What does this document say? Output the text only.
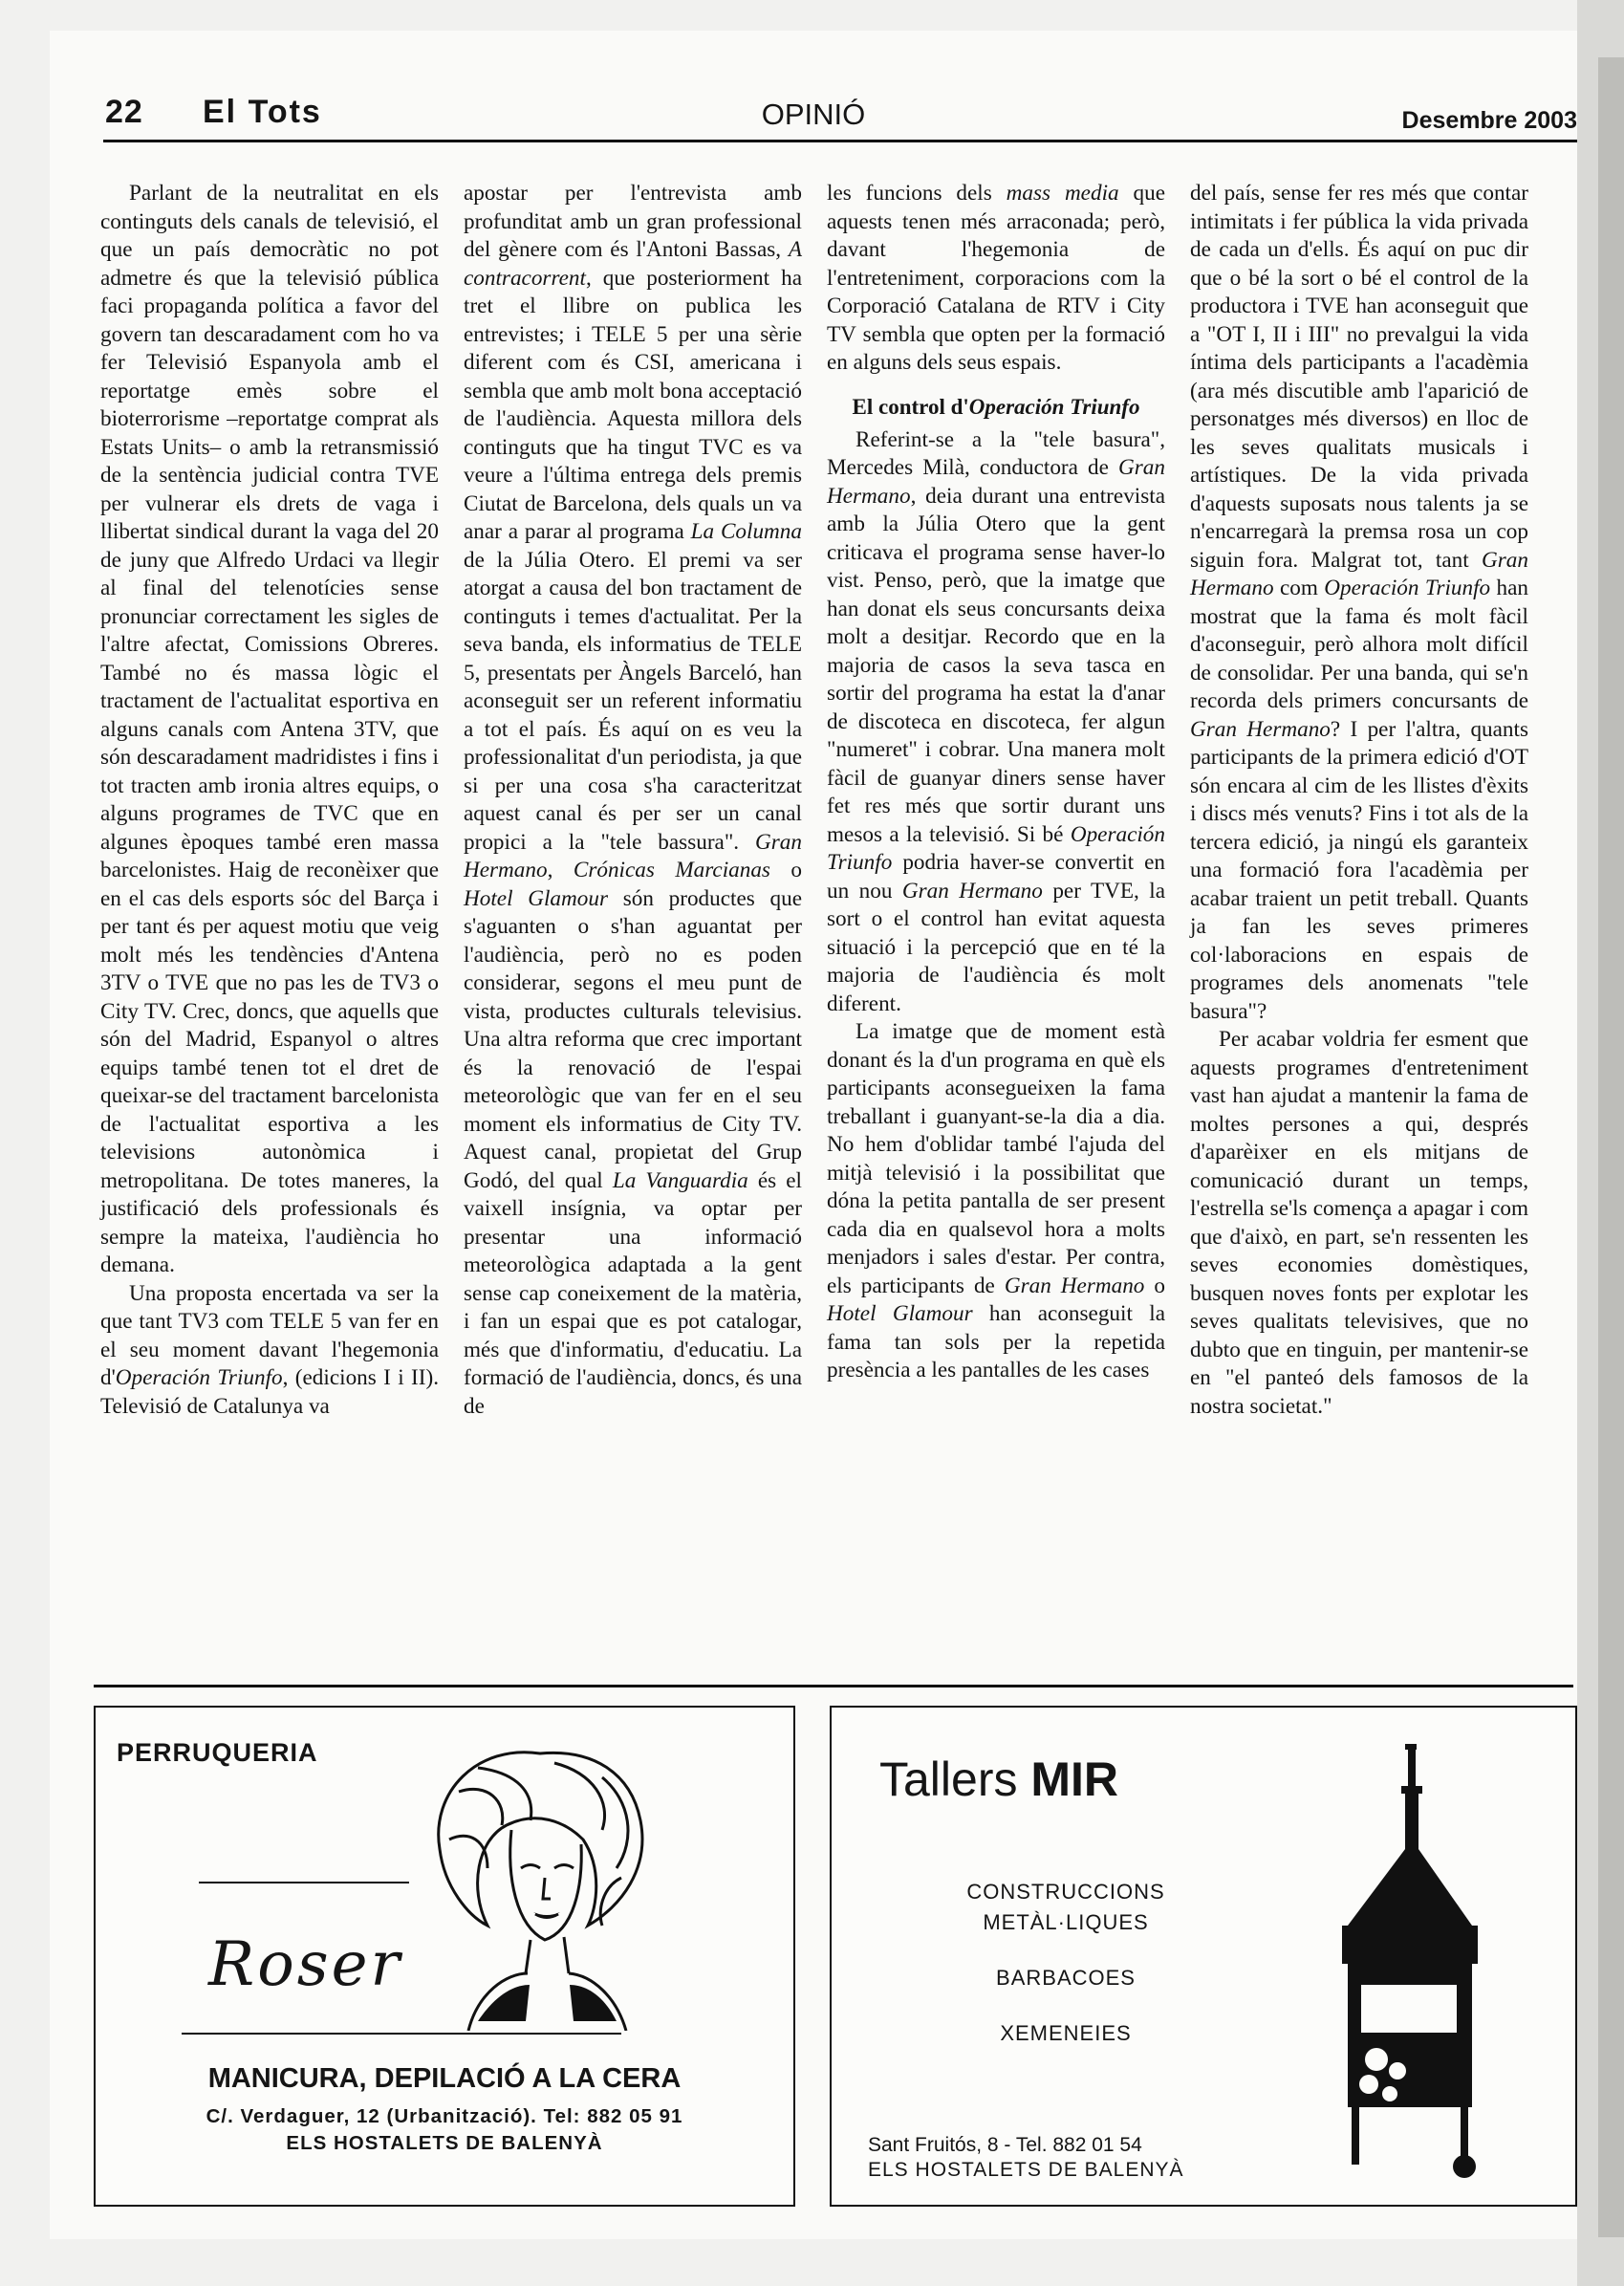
22 El Tots	OPINIÓ	Desembre 2003

Parlant de la neutralitat en els continguts dels canals de televisió, el que un país democràtic no pot admetre és que la televisió pública faci propaganda política a favor del govern tan descaradament com ho va fer Televisió Espanyola amb el reportatge emès sobre el bioterrorisme –reportatge comprat als Estats Units– o amb la retransmissió de la sentència judicial contra TVE per vulnerar els drets de vaga i llibertat sindical durant la vaga del 20 de juny que Alfredo Urdaci va llegir al final del telenotícies sense pronunciar correctament les sigles de l'altre afectat, Comissions Obreres. També no és massa lògic el tractament de l'actualitat esportiva en alguns canals com Antena 3TV, que són descaradament madridistes i fins i tot tracten amb ironia altres equips, o alguns programes de TVC que en algunes èpoques també eren massa barcelonistes. Haig de reconèixer que en el cas dels esports sóc del Barça i per tant és per aquest motiu que veig molt més les tendències d'Antena 3TV o TVE que no pas les de TV3 o City TV. Crec, doncs, que aquells que són del Madrid, Espanyol o altres equips també tenen tot el dret de queixar-se del tractament barcelonista de l'actualitat esportiva a les televisions autonòmica i metropolitana. De totes maneres, la justificació dels professionals és sempre la mateixa, l'audiència ho demana.

Una proposta encertada va ser la que tant TV3 com TELE 5 van fer en el seu moment davant l'hegemonia d'Operación Triunfo, (edicions I i II). Televisió de Catalunya va

apostar per l'entrevista amb profunditat amb un gran professional del gènere com és l'Antoni Bassas, A contracorrent, que posteriorment ha tret el llibre on publica les entrevistes; i TELE 5 per una sèrie diferent com és CSI, americana i sembla que amb molt bona acceptació de l'audiència. Aquesta millora dels continguts que ha tingut TVC es va veure a l'última entrega dels premis Ciutat de Barcelona, dels quals un va anar a parar al programa La Columna de la Júlia Otero. El premi va ser atorgat a causa del bon tractament de continguts i temes d'actualitat. Per la seva banda, els informatius de TELE 5, presentats per Àngels Barceló, han aconseguit ser un referent informatiu a tot el país. És aquí on es veu la professionalitat d'un periodista, ja que si per una cosa s'ha caracteritzat aquest canal és per ser un canal propici a la "tele bassura". Gran Hermano, Crónicas Marcianas o Hotel Glamour són productes que s'aguanten o s'han aguantat per l'audiència, però no es poden considerar, segons el meu punt de vista, productes culturals televisius. Una altra reforma que crec important és la renovació de l'espai meteorològic que van fer en el seu moment els informatius de City TV. Aquest canal, propietat del Grup Godó, del qual La Vanguardia és el vaixell insígnia, va optar per presentar una informació meteorològica adaptada a la gent sense cap coneixement de la matèria, i fan un espai que es pot catalogar, més que d'informatiu, d'educatiu. La formació de l'audiència, doncs, és una de

les funcions dels mass media que aquests tenen més arraconada; però, davant l'hegemonia de l'entreteniment, corporacions com la Corporació Catalana de RTV i City TV sembla que opten per la formació en alguns dels seus espais.

El control d'Operación Triunfo

Referint-se a la "tele basura", Mercedes Milà, conductora de Gran Hermano, deia durant una entrevista amb la Júlia Otero que la gent criticava el programa sense haver-lo vist. Penso, però, que la imatge que han donat els seus concursants deixa molt a desitjar. Recordo que en la majoria de casos la seva tasca en sortir del programa ha estat la d'anar de discoteca en discoteca, fer algun "numeret" i cobrar. Una manera molt fàcil de guanyar diners sense haver fet res més que sortir durant uns mesos a la televisió. Si bé Operación Triunfo podria haver-se convertit en un nou Gran Hermano per TVE, la sort o el control han evitat aquesta situació i la percepció que en té la majoria de l'audiència és molt diferent.

La imatge que de moment està donant és la d'un programa en què els participants aconsegueixen la fama treballant i guanyant-se-la dia a dia. No hem d'oblidar també l'ajuda del mitjà televisió i la possibilitat que dóna la petita pantalla de ser present cada dia en qualsevol hora a molts menjadors i sales d'estar. Per contra, els participants de Gran Hermano o Hotel Glamour han aconseguit la fama tan sols per la repetida presència a les pantalles de les cases

del país, sense fer res més que contar intimitats i fer pública la vida privada de cada un d'ells. És aquí on puc dir que o bé la sort o bé el control de la productora i TVE han aconseguit que a "OT I, II i III" no prevalgui la vida íntima dels participants a l'acadèmia (ara més discutible amb l'aparició de personatges més diversos) en lloc de les seves qualitats musicals i artístiques. De la vida privada d'aquests suposats nous talents ja se n'encarregarà la premsa rosa un cop siguin fora. Malgrat tot, tant Gran Hermano com Operación Triunfo han mostrat que la fama és molt fàcil d'aconseguir, però alhora molt difícil de consolidar. Per una banda, qui se'n recorda dels primers concursants de Gran Hermano? I per l'altra, quants participants de la primera edició d'OT són encara al cim de les llistes d'èxits i discs més venuts? Fins i tot als de la tercera edició, ja ningú els garanteix una formació fora l'acadèmia per acabar traient un petit treball. Quants ja fan les seves primeres col·laboracions en espais de programes dels anomenats "tele basura"?

Per acabar voldria fer esment que aquests programes d'entreteniment vast han ajudat a mantenir la fama de moltes persones a qui, després d'aparèixer en els mitjans de comunicació durant un temps, l'estrella se'ls comença a apagar i com que d'això, en part, se'n ressenten les seves economies domèstiques, busquen noves fonts per explotar les seves qualitats televisives, que no dubto que en tinguin, per mantenir-se en "el panteó dels famosos de la nostra societat."

PERRUQUERIA
Roser
MANICURA, DEPILACIÓ A LA CERA
C/. Verdaguer, 12 (Urbanització). Tel: 882 05 91
ELS HOSTALETS DE BALENYÀ
Tallers MIR
CONSTRUCCIONS
METÀL·LIQUES
BARBACOES
XEMENEIES
Sant Fruitós, 8 - Tel. 882 01 54
ELS HOSTALETS DE BALENYÀ
